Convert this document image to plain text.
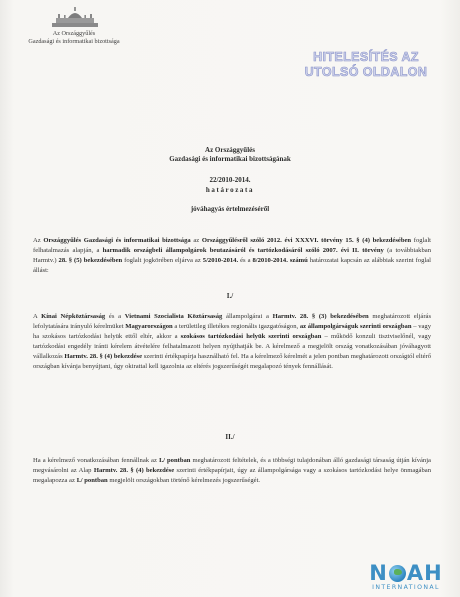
Az Országgyűlés
Gazdasági és informatikai bizottsága
HITELESÍTÉS AZ
UTOLSÓ OLDALON
Az Országgyűlés
Gazdasági és informatikai bizottságának
22/2010-2014.
határozata
jóváhagyás értelmezéséről
Az Országgyűlés Gazdasági és informatikai bizottsága az Országgyűlésről szóló 2012. évi XXXVI. törvény 15. § (4) bekezdésében foglalt felhatalmazás alapján, a harmadik országbeli állampolgárok beutazásáról és tartózkodásáról szóló 2007. évi II. törvény (a továbbiakban Harmtv.) 28. § (5) bekezdésében foglalt jogkörében eljárva az 5/2010-2014. és a 8/2010-2014. számú határozatai kapcsán az alábbiak szerint foglal állást:
I./
A Kínai Népköztársaság és a Vietnami Szocialista Köztársaság állampolgárai a Harmtv. 28. § (3) bekezdésében meghatározott eljárás lefolytatására irányuló kérelmüket Magyarországon a területileg illetékes regionális igazgatóságon, az állampolgárságuk szerinti országban – vagy ha szokásos tartózkodási helyük ettől eltér, akkor a szokásos tartózkodási helyük szerinti országban – működő konzuli tisztviselőnél, vagy tartózkodási engedély iránti kérelem átvételére felhatalmazott helyen nyújthatják be. A kérelmező a megjelölt ország vonatkozásában jóváhagyott vállalkozás Harmtv. 28. § (4) bekezdése szerinti értékpapírja használható fel. Ha a kérelmező kérelmét a jelen pontban meghatározott országtól eltérő országban kívánja benyújtani, úgy okirattal kell igazolnia az eltérés jogszerűségét megalapozó tények fennállását.
II./
Ha a kérelmező vonatkozásában fennállnak az I./ pontban meghatározott feltételek, és a többségi tulajdonában álló gazdasági társaság útján kívánja megvásárolni az Alap Harmtv. 28. § (4) bekezdése szerinti értékpapírjait, úgy az állampolgársága vagy a szokásos tartózkodási helye önmagában megalapozza az I./ pontban megjelölt országokban történő kérelmezés jogszerűségét.
N AH
INTERNATIONAL
